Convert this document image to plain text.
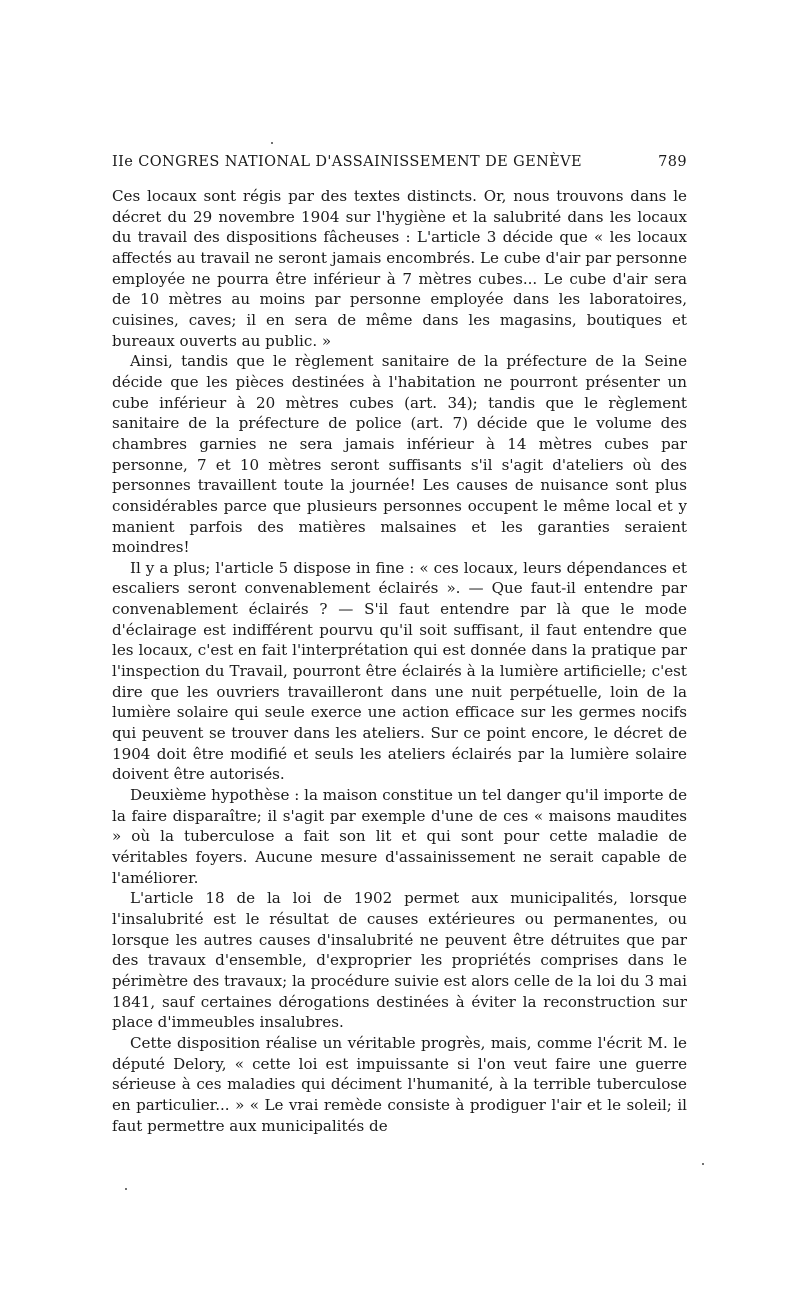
IIe CONGRES NATIONAL D'ASSAINISSEMENT DE GENÈVE	789

Ces locaux sont régis par des textes distincts. Or, nous trouvons dans le décret du 29 novembre 1904 sur l'hygiène et la salubrité dans les locaux du travail des dispositions fâcheuses : L'article 3 décide que « les locaux affectés au travail ne seront jamais encombrés. Le cube d'air par personne employée ne pourra être inférieur à 7 mètres cubes... Le cube d'air sera de 10 mètres au moins par personne employée dans les laboratoires, cuisines, caves; il en sera de même dans les magasins, boutiques et bureaux ouverts au public. »

Ainsi, tandis que le règlement sanitaire de la préfecture de la Seine décide que les pièces destinées à l'habitation ne pourront présenter un cube inférieur à 20 mètres cubes (art. 34); tandis que le règlement sanitaire de la préfecture de police (art. 7) décide que le volume des chambres garnies ne sera jamais inférieur à 14 mètres cubes par personne, 7 et 10 mètres seront suffisants s'il s'agit d'ateliers où des personnes travaillent toute la journée! Les causes de nuisance sont plus considérables parce que plusieurs personnes occupent le même local et y manient parfois des matières malsaines et les garanties seraient moindres!

Il y a plus; l'article 5 dispose in fine : « ces locaux, leurs dépendances et escaliers seront convenablement éclairés ». — Que faut-il entendre par convenablement éclairés ? — S'il faut entendre par là que le mode d'éclairage est indifférent pourvu qu'il soit suffisant, il faut entendre que les locaux, c'est en fait l'interprétation qui est donnée dans la pratique par l'inspection du Travail, pourront être éclairés à la lumière artificielle; c'est dire que les ouvriers travailleront dans une nuit perpétuelle, loin de la lumière solaire qui seule exerce une action efficace sur les germes nocifs qui peuvent se trouver dans les ateliers. Sur ce point encore, le décret de 1904 doit être modifié et seuls les ateliers éclairés par la lumière solaire doivent être autorisés.

Deuxième hypothèse : la maison constitue un tel danger qu'il importe de la faire disparaître; il s'agit par exemple d'une de ces « maisons maudites » où la tuberculose a fait son lit et qui sont pour cette maladie de véritables foyers. Aucune mesure d'assainissement ne serait capable de l'améliorer.

L'article 18 de la loi de 1902 permet aux municipalités, lorsque l'insalubrité est le résultat de causes extérieures ou permanentes, ou lorsque les autres causes d'insalubrité ne peuvent être détruites que par des travaux d'ensemble, d'exproprier les propriétés comprises dans le périmètre des travaux; la procédure suivie est alors celle de la loi du 3 mai 1841, sauf certaines dérogations destinées à éviter la reconstruction sur place d'immeubles insalubres.

Cette disposition réalise un véritable progrès, mais, comme l'écrit M. le député Delory, « cette loi est impuissante si l'on veut faire une guerre sérieuse à ces maladies qui déciment l'humanité, à la terrible tuberculose en particulier... » « Le vrai remède consiste à prodiguer l'air et le soleil; il faut permettre aux municipalités de
